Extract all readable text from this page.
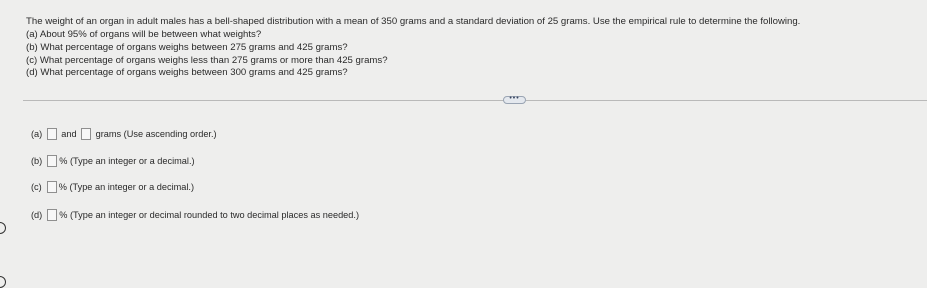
The weight of an organ in adult males has a bell-shaped distribution with a mean of 350 grams and a standard deviation of 25 grams. Use the empirical rule to determine the following.
(a) About 95% of organs will be between what weights?
(b) What percentage of organs weighs between 275 grams and 425 grams?
(c) What percentage of organs weighs less than 275 grams or more than 425 grams?
(d) What percentage of organs weighs between 300 grams and 425 grams?
•••
(a) and grams (Use ascending order.)
(b) % (Type an integer or a decimal.)
(c) % (Type an integer or a decimal.)
(d) % (Type an integer or decimal rounded to two decimal places as needed.)
